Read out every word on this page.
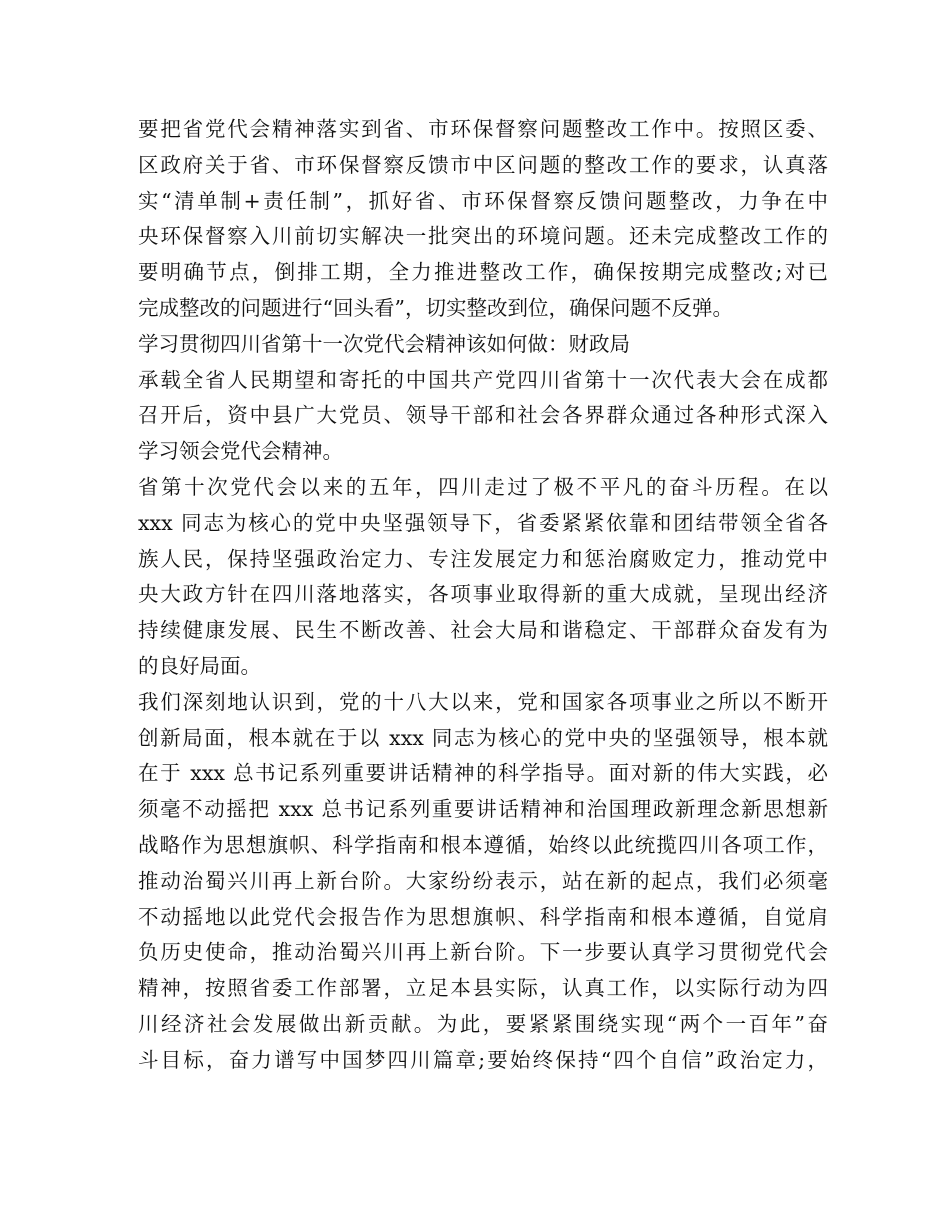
要把省党代会精神落实到省、市环保督察问题整改工作中。按照区委、
区政府关于省、市环保督察反馈市中区问题的整改工作的要求，认真落
实“清单制+责任制”，抓好省、市环保督察反馈问题整改，力争在中
央环保督察入川前切实解决一批突出的环境问题。还未完成整改工作的
要明确节点，倒排工期，全力推进整改工作，确保按期完成整改;对已
完成整改的问题进行“回头看”，切实整改到位，确保问题不反弹。
学习贯彻四川省第十一次党代会精神该如何做：财政局
承载全省人民期望和寄托的中国共产党四川省第十一次代表大会在成都
召开后，资中县广大党员、领导干部和社会各界群众通过各种形式深入
学习领会党代会精神。
省第十次党代会以来的五年，四川走过了极不平凡的奋斗历程。在以
xxx 同志为核心的党中央坚强领导下，省委紧紧依靠和团结带领全省各
族人民，保持坚强政治定力、专注发展定力和惩治腐败定力，推动党中
央大政方针在四川落地落实，各项事业取得新的重大成就，呈现出经济
持续健康发展、民生不断改善、社会大局和谐稳定、干部群众奋发有为
的良好局面。
我们深刻地认识到，党的十八大以来，党和国家各项事业之所以不断开
创新局面，根本就在于以 xxx 同志为核心的党中央的坚强领导，根本就
在于 xxx 总书记系列重要讲话精神的科学指导。面对新的伟大实践，必
须毫不动摇把 xxx 总书记系列重要讲话精神和治国理政新理念新思想新
战略作为思想旗帜、科学指南和根本遵循，始终以此统揽四川各项工作，
推动治蜀兴川再上新台阶。大家纷纷表示，站在新的起点，我们必须毫
不动摇地以此党代会报告作为思想旗帜、科学指南和根本遵循，自觉肩
负历史使命，推动治蜀兴川再上新台阶。下一步要认真学习贯彻党代会
精神，按照省委工作部署，立足本县实际，认真工作，以实际行动为四
川经济社会发展做出新贡献。为此，要紧紧围绕实现“两个一百年”奋
斗目标，奋力谱写中国梦四川篇章;要始终保持“四个自信”政治定力，
